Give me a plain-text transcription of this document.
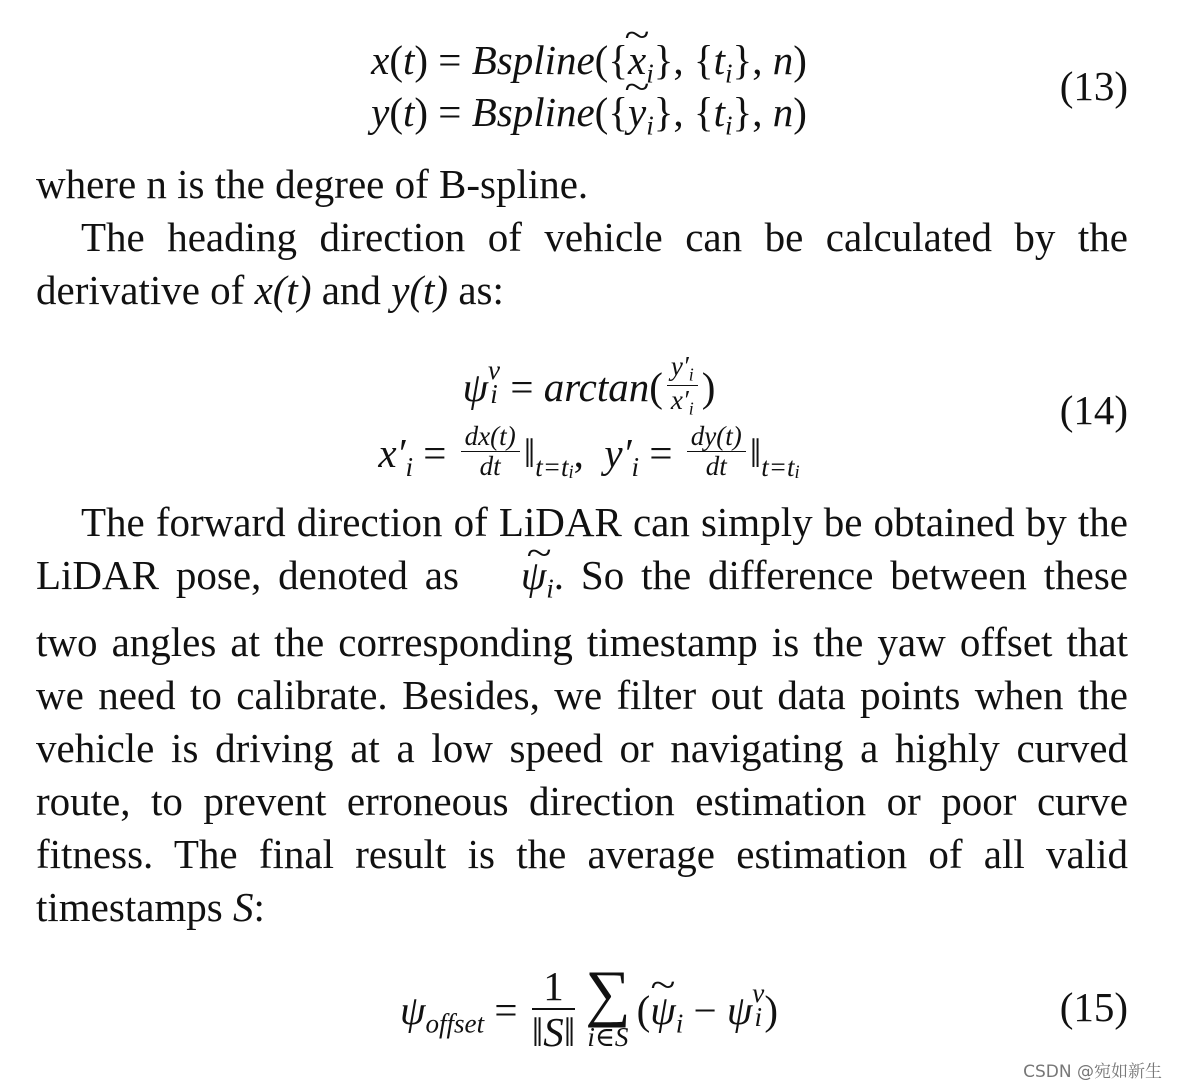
x(t) = Bspline({~ $x_i$}, $\{t_i\}$, n)
y(t) = Bspline({~ $y_i$}, $\{t_i\}$, n)
(13)
where n is the degree of B-spline.
The heading direction of vehicle can be calculated by the derivative of x(t) and y(t) as:
ψ v
$i = \arctan( \frac{y'_i}{x'_i}$ )
$x'_i = \frac{dx(t)}{dt}$ $‖_{t=ti}$,  $y'_i = \frac{dy(t)}{dt}$ $‖_{t=ti}$
(14)
The forward direction of LiDAR can simply be obtained by the LiDAR pose, denoted as ~ $\psi_i$. So the difference between these two angles at the corresponding timestamp is the yaw offset that we need to calibrate. Besides, we filter out data points when the vehicle is driving at a low speed or navigating a highly curved route, to prevent erroneous direction estimation or poor curve fitness. The final result is the average estimation of all valid timestamps S:
$\psi_{offset} = \frac{1}{‖S‖}$ ∑
i∈S
(~ $\psi_i - \psi$ v
i )	(15)
CSDN @宛如新生
